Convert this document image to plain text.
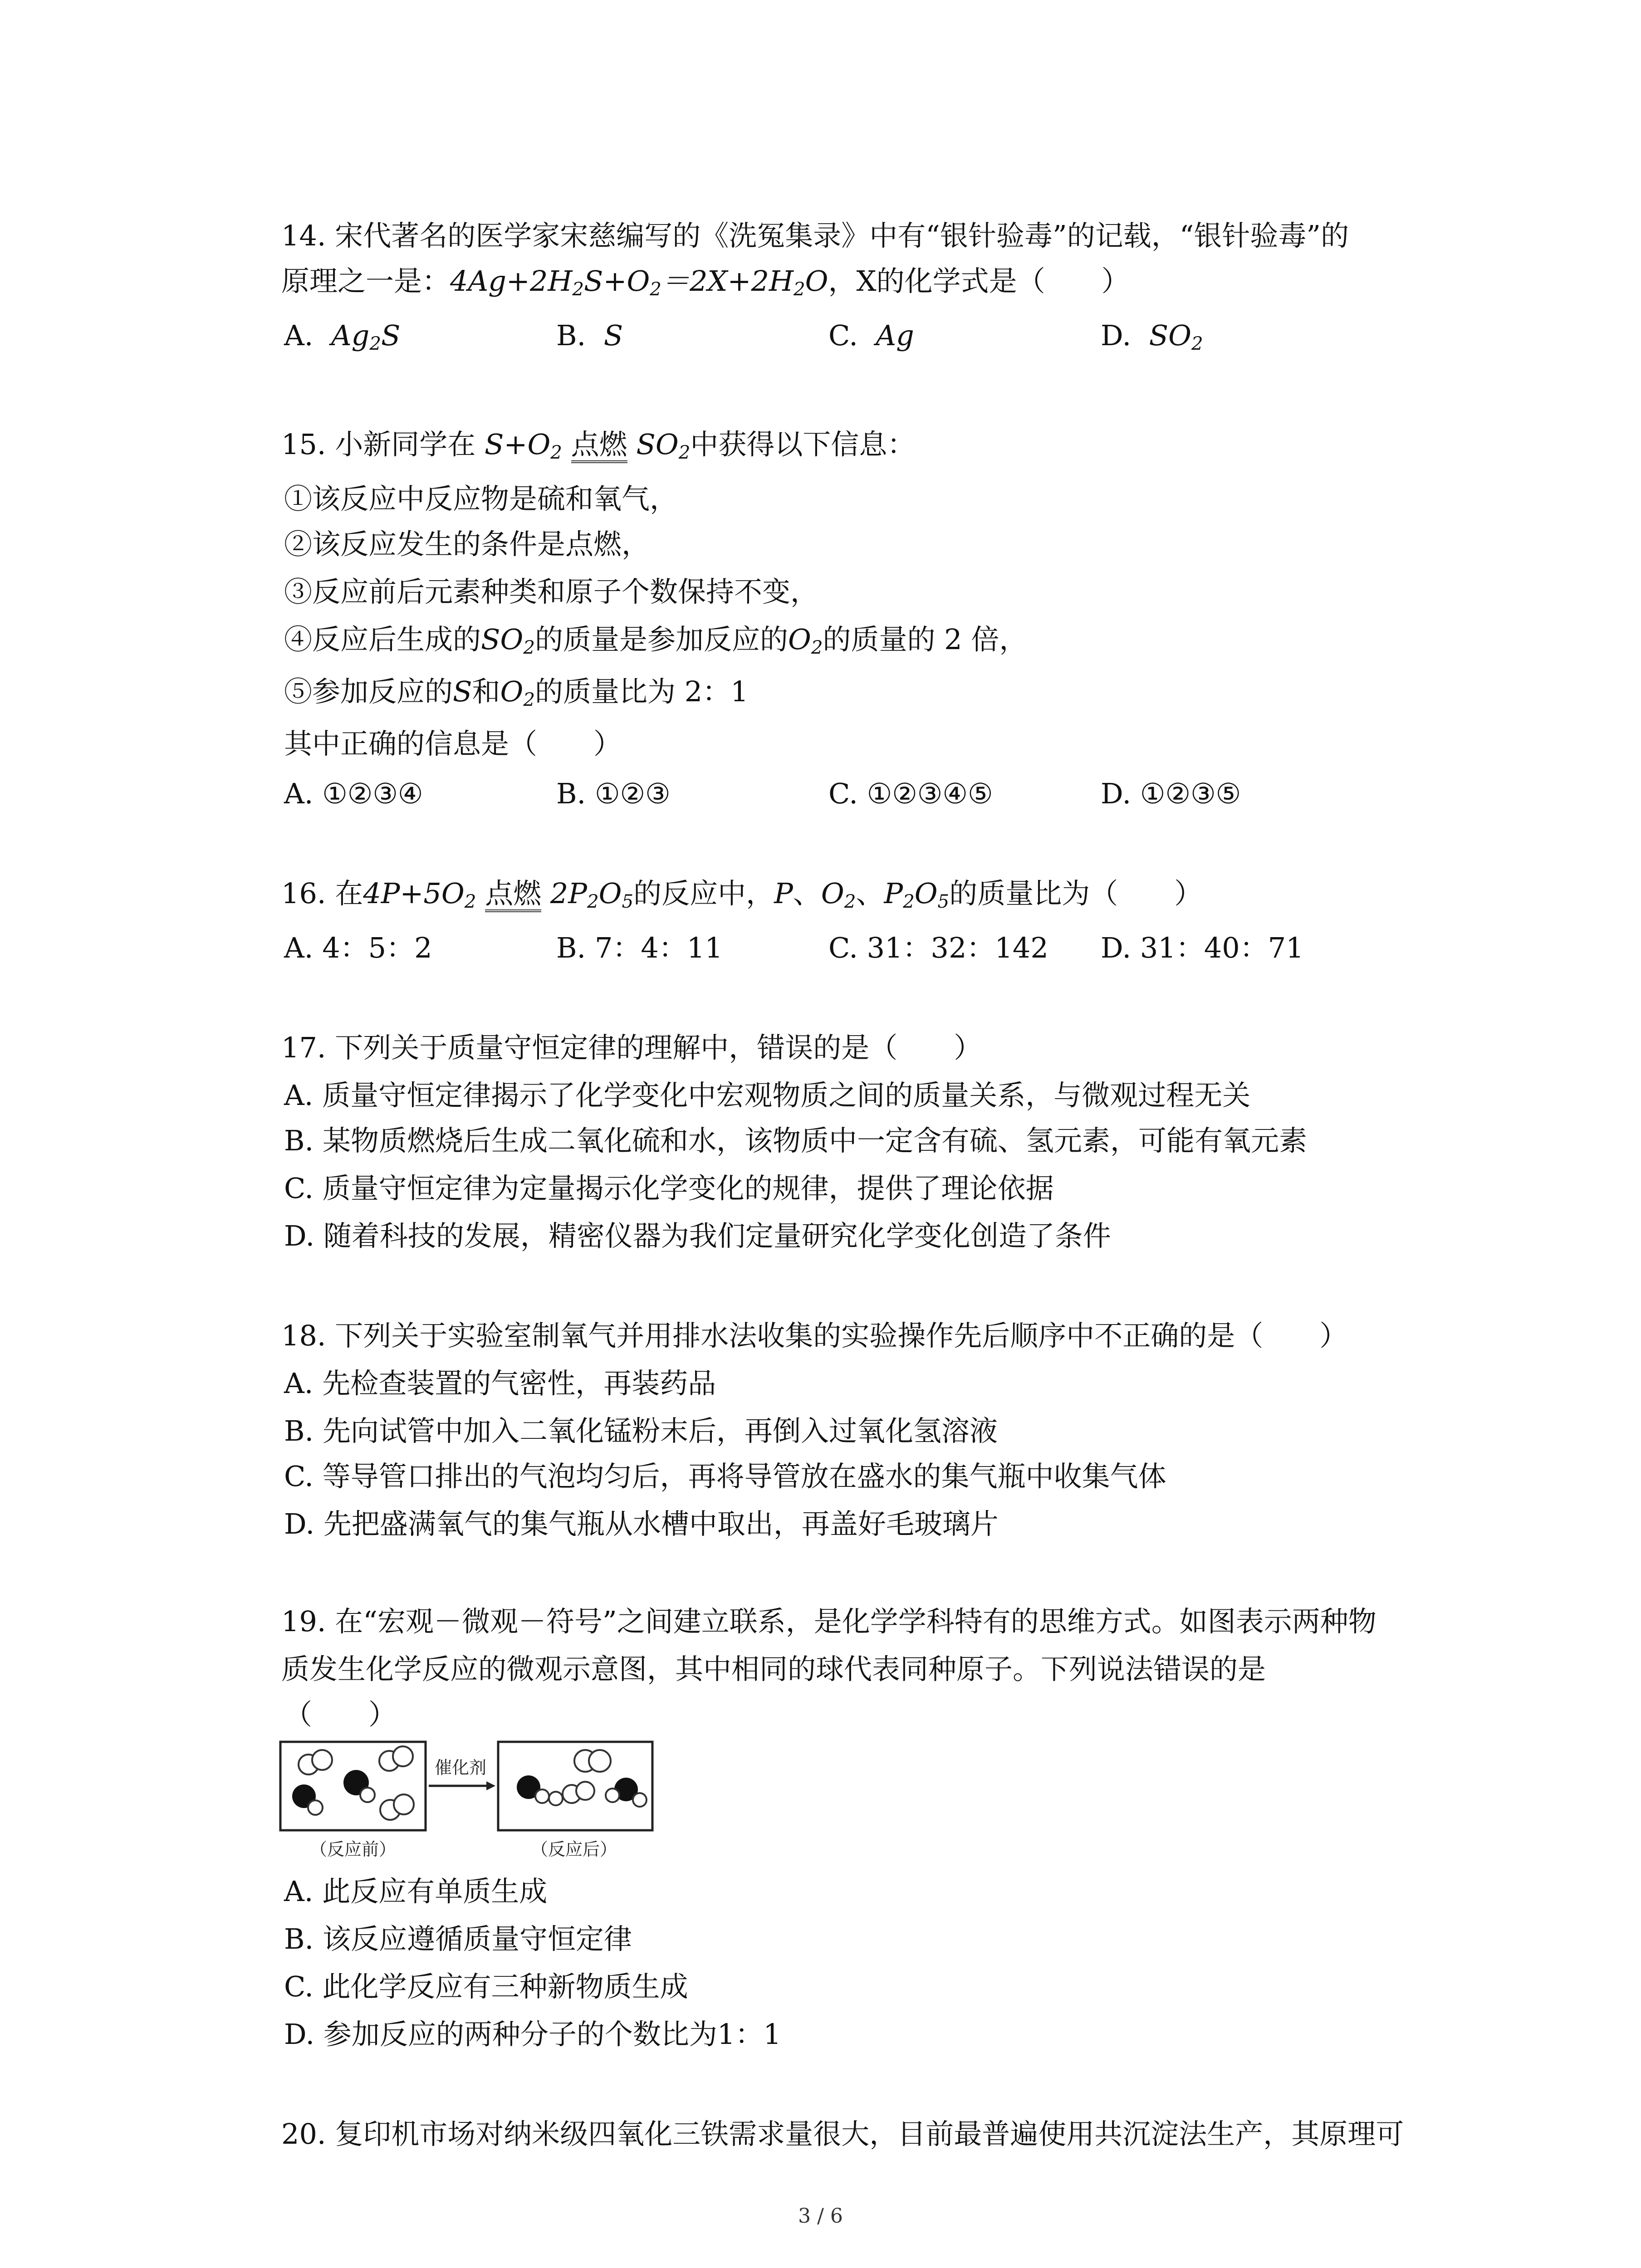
14. 宋代著名的医学家宋慈编写的《洗冤集录》中有“银针验毒”的记载，“银针验毒”的
原理之一是：$4Ag+2H_2S+O_2=2X+2H_2O$，X的化学式是（　　）
A. $Ag_2S$	B. S	C. Ag	D. $SO_2$
15. 小新同学在 $S+O_2$ 点燃 $SO_2$中获得以下信息：
①该反应中反应物是硫和氧气，
②该反应发生的条件是点燃，
③反应前后元素种类和原子个数保持不变，
④反应后生成的$SO_2$的质量是参加反应的$O_2$的质量的 2 倍，
⑤参加反应的S和$O_2$的质量比为 2：1
其中正确的信息是（　　）
A. ①②③④	B. ①②③	C. ①②③④⑤	D. ①②③⑤
16. 在$4P+5O_2$ 点燃 $2P_2O_5$的反应中，P、$O_2$、$P_2O_5$的质量比为（　　）
A. 4：5：2	B. 7：4：11	C. 31：32：142 D. 31：40：71
17. 下列关于质量守恒定律的理解中，错误的是（　　）
A. 质量守恒定律揭示了化学变化中宏观物质之间的质量关系，与微观过程无关
B. 某物质燃烧后生成二氧化硫和水，该物质中一定含有硫、氢元素，可能有氧元素
C. 质量守恒定律为定量揭示化学变化的规律，提供了理论依据
D. 随着科技的发展，精密仪器为我们定量研究化学变化创造了条件
18. 下列关于实验室制氧气并用排水法收集的实验操作先后顺序中不正确的是（　　）
A. 先检查装置的气密性，再装药品
B. 先向试管中加入二氧化锰粉末后，再倒入过氧化氢溶液
C. 等导管口排出的气泡均匀后，再将导管放在盛水的集气瓶中收集气体
D. 先把盛满氧气的集气瓶从水槽中取出，再盖好毛玻璃片
19. 在“宏观－微观－符号”之间建立联系，是化学学科特有的思维方式。如图表示两种物
质发生化学反应的微观示意图，其中相同的球代表同种原子。下列说法错误的是
（　　）
催化剂
（反应前）	（反应后）
A. 此反应有单质生成
B. 该反应遵循质量守恒定律
C. 此化学反应有三种新物质生成
D. 参加反应的两种分子的个数比为1：1
20. 复印机市场对纳米级四氧化三铁需求量很大，目前最普遍使用共沉淀法生产，其原理可
3 / 6
